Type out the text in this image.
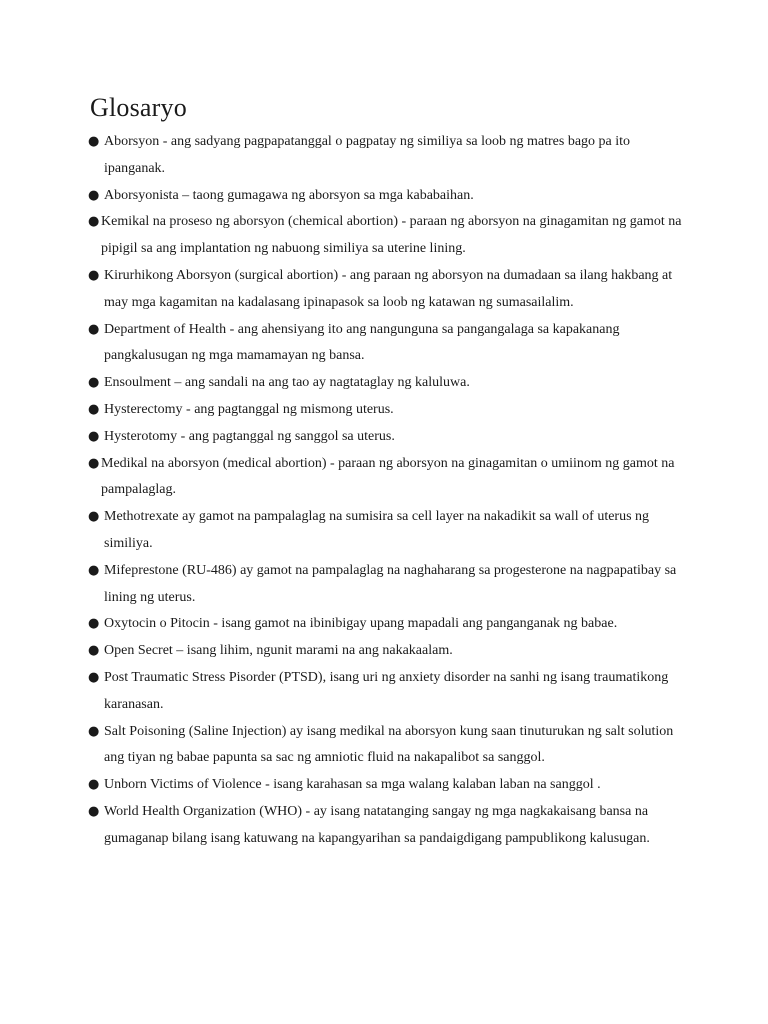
Glosaryo
● Aborsyon - ang sadyang pagpapatanggal o pagpatay ng similiya sa loob ng matres bago pa ito ipanganak.
● Aborsyonista – taong gumagawa ng aborsyon sa mga kababaihan.
● Kemikal na proseso ng aborsyon (chemical abortion) - paraan ng aborsyon na ginagamitan ng gamot na pipigil sa ang implantation ng nabuong similiya sa uterine lining.
● Kirurhikong Aborsyon (surgical abortion) - ang paraan ng aborsyon na dumadaan sa ilang hakbang at may mga kagamitan na kadalasang ipinapasok sa loob ng katawan ng sumasailalim.
● Department of Health - ang ahensiyang ito ang nangunguna sa pangangalaga sa kapakanang pangkalusugan ng mga mamamayan ng bansa.
● Ensoulment – ang sandali na ang tao ay nagtataglay ng kaluluwa.
● Hysterectomy - ang pagtanggal ng mismong uterus.
● Hysterotomy - ang pagtanggal ng sanggol sa uterus.
● Medikal na aborsyon (medical abortion) - paraan ng aborsyon na ginagamitan o umiinom ng gamot na pampalaglag.
● Methotrexate ay gamot na pampalaglag na sumisira sa cell layer na nakadikit sa wall of uterus ng similiya.
● Mifeprestone (RU-486) ay gamot na pampalaglag na naghaharang sa progesterone na nagpapatibay sa lining ng uterus.
● Oxytocin o Pitocin - isang gamot na ibinibigay upang mapadali ang panganganak ng babae.
● Open Secret – isang lihim, ngunit marami na ang nakakaalam.
● Post Traumatic Stress Pisorder (PTSD), isang uri ng anxiety disorder na sanhi ng isang traumatikong karanasan.
● Salt Poisoning (Saline Injection) ay isang medikal na aborsyon kung saan tinuturukan ng salt solution ang tiyan ng babae papunta sa sac ng amniotic fluid na nakapalibot sa sanggol.
● Unborn Victims of Violence - isang karahasan sa mga walang kalaban laban na sanggol .
● World Health Organization (WHO) - ay isang natatanging sangay ng mga nagkakaisang bansa na gumaganap bilang isang katuwang na kapangyarihan sa pandaigdigang pampublikong kalusugan.
